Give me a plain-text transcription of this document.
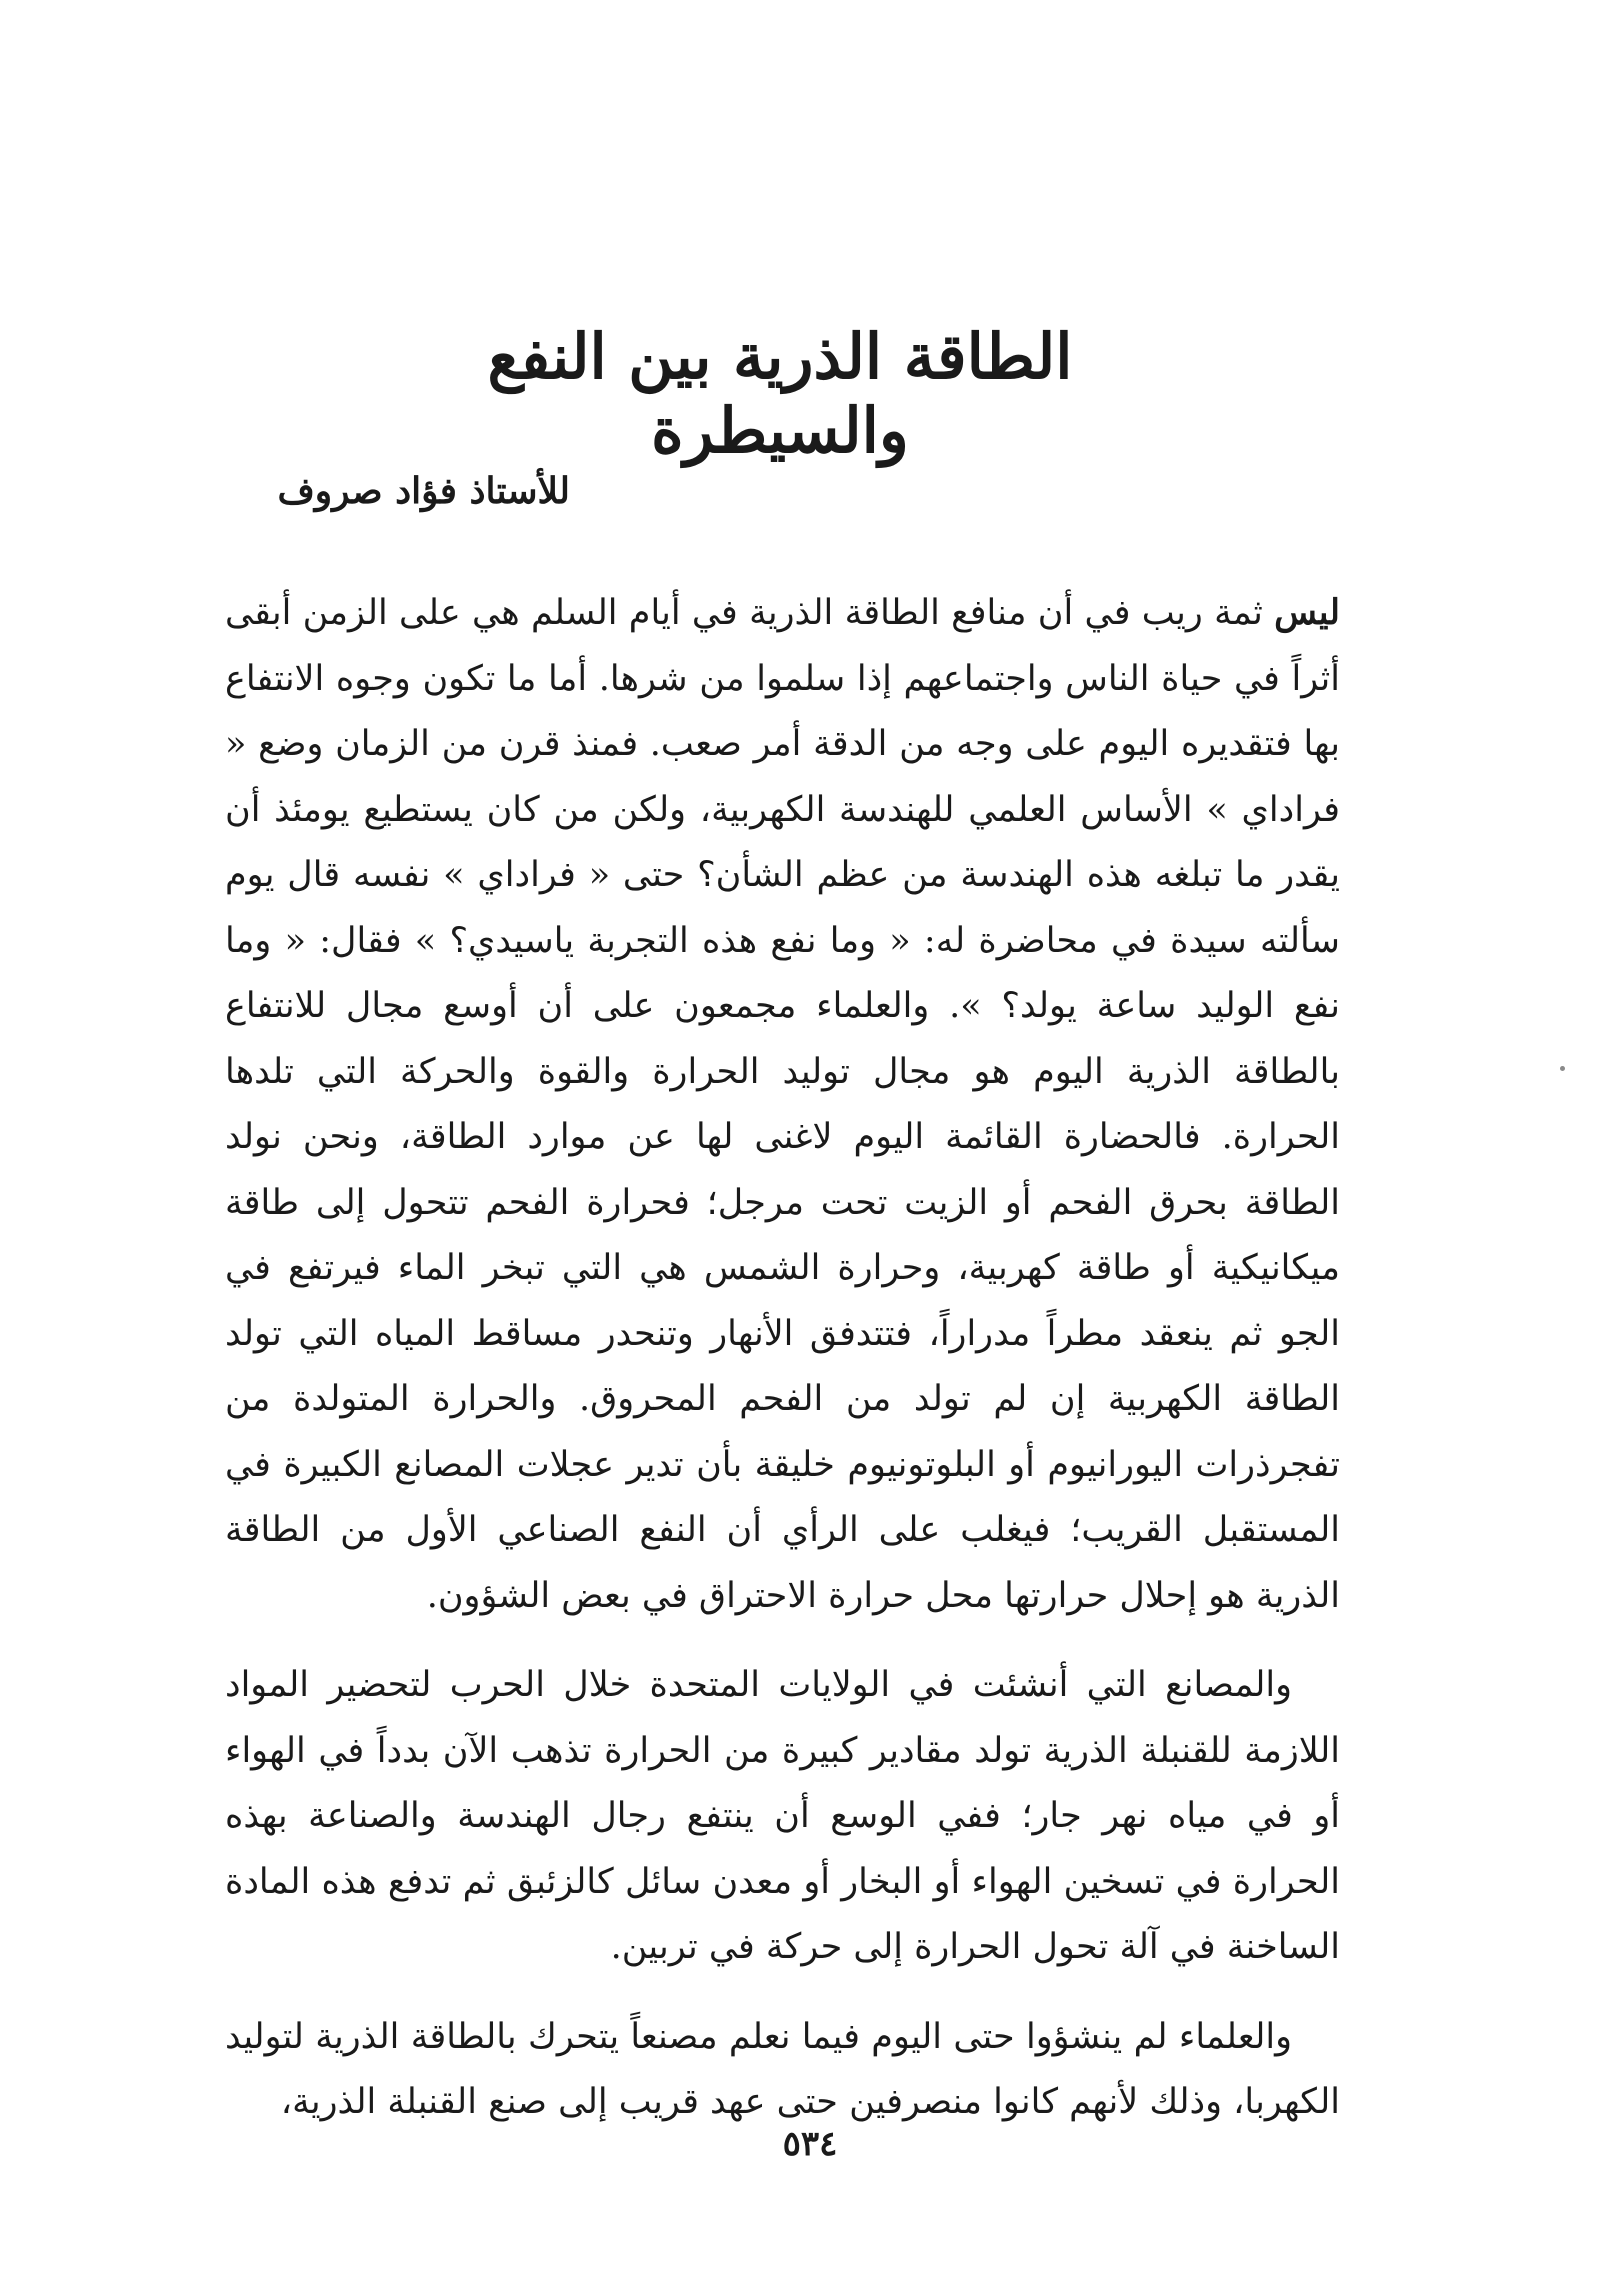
الطاقة الذرية بين النفع والسيطرة

للأستاذ فؤاد صروف

ليس ثمة ريب في أن منافع الطاقة الذرية في أيام السلم هي على الزمن أبقى أثراً في حياة الناس واجتماعهم إذا سلموا من شرها. أما ما تكون وجوه الانتفاع بها فتقديره اليوم على وجه من الدقة أمر صعب. فمنذ قرن من الزمان وضع « فراداي » الأساس العلمي للهندسة الكهربية، ولكن من كان يستطيع يومئذ أن يقدر ما تبلغه هذه الهندسة من عظم الشأن؟ حتى « فراداي » نفسه قال يوم سألته سيدة في محاضرة له: « وما نفع هذه التجربة ياسيدي؟ » فقال: « وما نفع الوليد ساعة يولد؟ ». والعلماء مجمعون على أن أوسع مجال للانتفاع بالطاقة الذرية اليوم هو مجال توليد الحرارة والقوة والحركة التي تلدها الحرارة. فالحضارة القائمة اليوم لاغنى لها عن موارد الطاقة، ونحن نولد الطاقة بحرق الفحم أو الزيت تحت مرجل؛ فحرارة الفحم تتحول إلى طاقة ميكانيكية أو طاقة كهربية، وحرارة الشمس هي التي تبخر الماء فيرتفع في الجو ثم ينعقد مطراً مدراراً، فتتدفق الأنهار وتنحدر مساقط المياه التي تولد الطاقة الكهربية إن لم تولد من الفحم المحروق. والحرارة المتولدة من تفجرذرات اليورانيوم أو البلوتونيوم خليقة بأن تدير عجلات المصانع الكبيرة في المستقبل القريب؛ فيغلب على الرأي أن النفع الصناعي الأول من الطاقة الذرية هو إحلال حرارتها محل حرارة الاحتراق في بعض الشؤون.

والمصانع التي أنشئت في الولايات المتحدة خلال الحرب لتحضير المواد اللازمة للقنبلة الذرية تولد مقادير كبيرة من الحرارة تذهب الآن بدداً في الهواء أو في مياه نهر جار؛ ففي الوسع أن ينتفع رجال الهندسة والصناعة بهذه الحرارة في تسخين الهواء أو البخار أو معدن سائل كالزئبق ثم تدفع هذه المادة الساخنة في آلة تحول الحرارة إلى حركة في تربين.

والعلماء لم ينشؤوا حتى اليوم فيما نعلم مصنعاً يتحرك بالطاقة الذرية لتوليد الكهربا، وذلك لأنهم كانوا منصرفين حتى عهد قريب إلى صنع القنبلة الذرية،

٥٣٤
